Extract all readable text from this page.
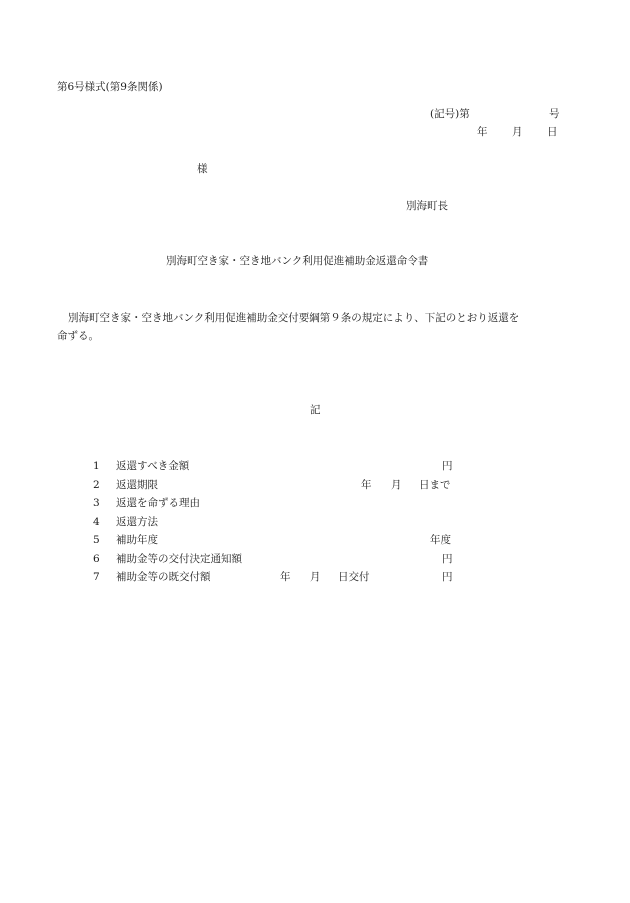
第6号様式(第9条関係)
(記号)第	号
年 月 日
様
別海町長
別海町空き家・空き地バンク利用促進補助金返還命令書
別海町空き家・空き地バンク利用促進補助金交付要綱第９条の規定により、下記のとおり返還を
命ずる。
記
1 返還すべき金額	円
2 返還期限	年 月 日まで
3 返還を命ずる理由
4 返還方法
5 補助年度	年度
6 補助金等の交付決定通知額	円
7 補助金等の既交付額	年 月 日交付	円
